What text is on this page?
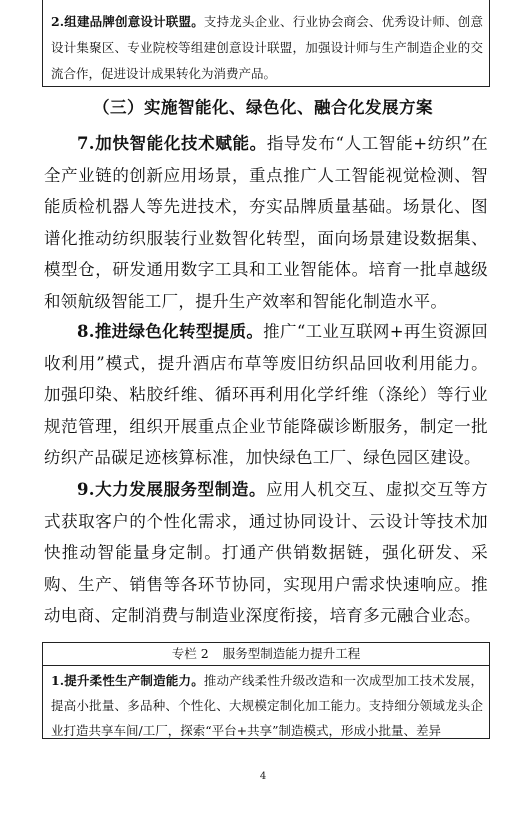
2.组建品牌创意设计联盟。支持龙头企业、行业协会商会、优秀设计师、创意设计集聚区、专业院校等组建创意设计联盟，加强设计师与生产制造企业的交流合作，促进设计成果转化为消费产品。
（三）实施智能化、绿色化、融合化发展方案

7.加快智能化技术赋能。指导发布“人工智能+纺织”在全产业链的创新应用场景，重点推广人工智能视觉检测、智能质检机器人等先进技术，夯实品牌质量基础。场景化、图谱化推动纺织服装行业数智化转型，面向场景建设数据集、模型仓，研发通用数字工具和工业智能体。培育一批卓越级和领航级智能工厂，提升生产效率和智能化制造水平。

8.推进绿色化转型提质。推广“工业互联网+再生资源回收利用”模式，提升酒店布草等废旧纺织品回收利用能力。加强印染、粘胶纤维、循环再利用化学纤维（涤纶）等行业规范管理，组织开展重点企业节能降碳诊断服务，制定一批纺织产品碳足迹核算标准，加快绿色工厂、绿色园区建设。

9.大力发展服务型制造。应用人机交互、虚拟交互等方式获取客户的个性化需求，通过协同设计、云设计等技术加快推动智能量身定制。打通产供销数据链，强化研发、采购、生产、销售等各环节协同，实现用户需求快速响应。推动电商、定制消费与制造业深度衔接，培育多元融合业态。

专栏 2 服务型制造能力提升工程
1.提升柔性生产制造能力。推动产线柔性升级改造和一次成型加工技术发展，提高小批量、多品种、个性化、大规模定制化加工能力。支持细分领域龙头企业打造共享车间/工厂，探索“平台+共享”制造模式，形成小批量、差异
4
